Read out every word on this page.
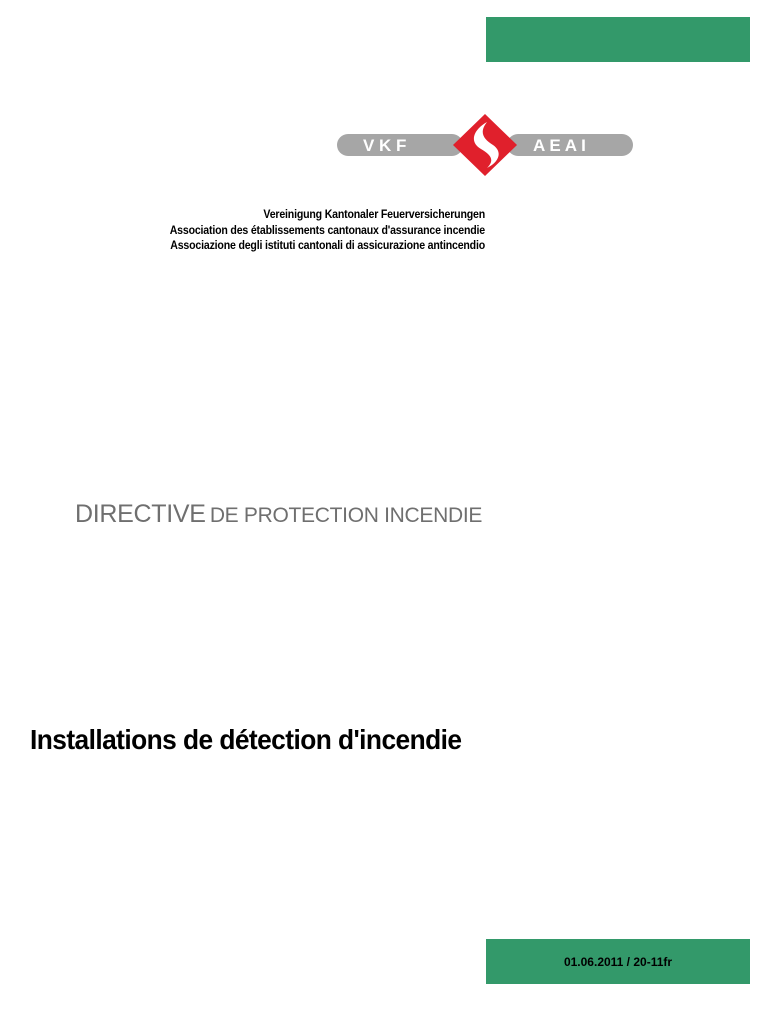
V K F	A E A I
Vereinigung Kantonaler Feuerversicherungen
Association des établissements cantonaux d'assurance incendie
Associazione degli istituti cantonali di assicurazione antincendio
DIRECTIVE DE PROTECTION INCENDIE
Installations de détection d'incendie
01.06.2011 / 20-11fr
